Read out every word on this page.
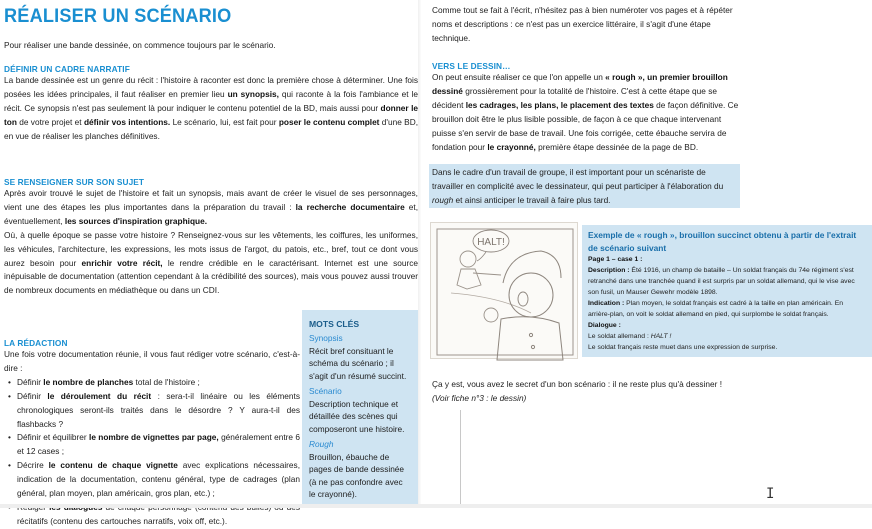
RÉALISER UN SCÉNARIO
Pour réaliser une bande dessinée, on commence toujours par le scénario.
DÉFINIR UN CADRE NARRATIF
La bande dessinée est un genre du récit : l'histoire à raconter est donc la première chose à déterminer. Une fois posées les idées principales, il faut réaliser en premier lieu un synopsis, qui raconte à la fois l'ambiance et le récit. Ce synopsis n'est pas seulement là pour indiquer le contenu potentiel de la BD, mais aussi pour donner le ton de votre projet et définir vos intentions. Le scénario, lui, est fait pour poser le contenu complet d'une BD, en vue de réaliser les planches définitives.
SE RENSEIGNER SUR SON SUJET
Après avoir trouvé le sujet de l'histoire et fait un synopsis, mais avant de créer le visuel de ses personnages, vient une des étapes les plus importantes dans la préparation du travail : la recherche documentaire et, éventuellement, les sources d'inspiration graphique.
Où, à quelle époque se passe votre histoire ? Renseignez-vous sur les vêtements, les coiffures, les uniformes, les véhicules, l'architecture, les expressions, les mots issus de l'argot, du patois, etc., bref, tout ce dont vous aurez besoin pour enrichir votre récit, le rendre crédible en le caractérisant. Internet est une source inépuisable de documentation (attention cependant à la crédibilité des sources), mais vous pouvez aussi trouver de nombreux documents en médiathèque ou dans un CDI.
LA RÉDACTION
Une fois votre documentation réunie, il vous faut rédiger votre scénario, c'est-à-dire :
• Définir le nombre de planches total de l'histoire ;
• Définir le déroulement du récit : sera-t-il linéaire ou les éléments chronologiques seront-ils traités dans le désordre ? Y aura-t-il des flashbacks ?
• Définir et équilibrer le nombre de vignettes par page, généralement entre 6 et 12 cases ;
• Décrire le contenu de chaque vignette avec explications nécessaires, indication de la documentation, contenu général, type de cadrages (plan général, plan moyen, plan américain, gros plan, etc.) ;
• récitatifs (contenu des cartouches narratifs, voix off, etc.).
MOTS CLÉS
Synopsis
Récit bref consituant le schéma du scénario ; il s'agit d'un résumé succint.
Scénario
Description technique et détaillée des scènes qui composeront une histoire.
Rough
Brouillon, ébauche de pages de bande dessinée (à ne pas confondre avec le crayonné).
Comme tout se fait à l'écrit, n'hésitez pas à bien numéroter vos pages et à répéter noms et descriptions : ce n'est pas un exercice littéraire, il s'agit d'une étape technique.
VERS LE DESSIN…
On peut ensuite réaliser ce que l'on appelle un « rough », un premier brouillon dessiné grossièrement pour la totalité de l'histoire. C'est à cette étape que se décident les cadrages, les plans, le placement des textes de façon définitive. Ce brouillon doit être le plus lisible possible, de façon à ce que chaque intervenant puisse s'en servir de base de travail. Une fois corrigée, cette ébauche servira de fondation pour le crayonné, première étape dessinée de la page de BD.
Dans le cadre d'un travail de groupe, il est important pour un scénariste de travailler en complicité avec le dessinateur, qui peut participer à l'élaboration du rough et ainsi anticiper le travail à faire plus tard.
HALT!
Exemple de « rough », brouillon succinct obtenu à partir de l'extrait de scénario suivant
Page 1 – case 1 :
Description : Été 1916, un champ de bataille – Un soldat français du 74e régiment s'est retranché dans une tranchée quand il est surpris par un soldat allemand, qui le vise avec son fusil, un Mauser Gewehr modèle 1898.
Indication : Plan moyen, le soldat français est cadré à la taille en plan américain. En arrière-plan, on voit le soldat allemand en pied, qui surplombe le soldat français.
Dialogue :
Le soldat allemand : HALT !
Le soldat français reste muet dans une expression de surprise.
Ça y est, vous avez le secret d'un bon scénario : il ne reste plus qu'à dessiner !
(Voir fiche n°3 : le dessin)
I
